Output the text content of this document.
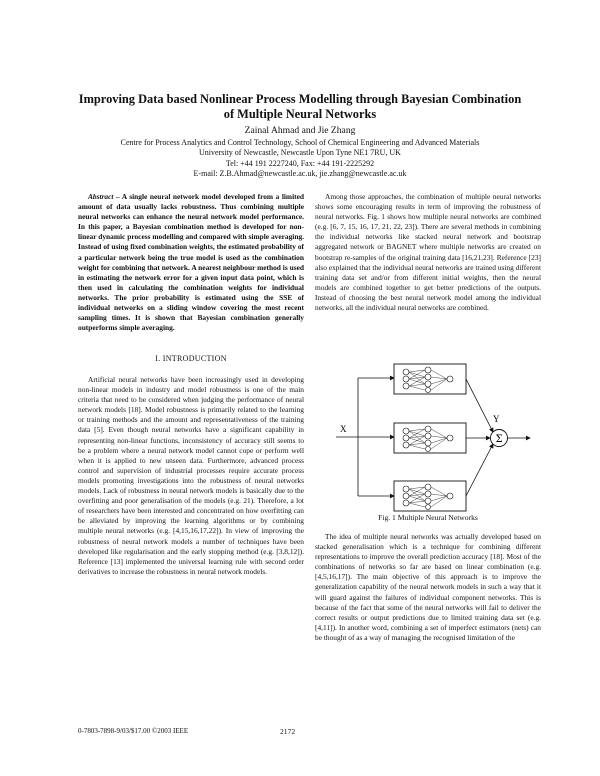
Improving Data based Nonlinear Process Modelling through Bayesian Combination
of Multiple Neural Networks
Zainal Ahmad and Jie Zhang
Centre for Process Analytics and Control Technology, School of Chemical Engineering and Advanced Materials
University of Newcastle, Newcastle Upon Tyne NE1 7RU, UK
Tel: +44 191 2227240, Fax: +44 191-2225292
E-mail: Z.B.Ahmad@newcastle.ac.uk, jie.zhang@newcastle.ac.uk

Abstract – A single neural network model developed from a limited amount of data usually lacks robustness. Thus combining multiple neural networks can enhance the neural network model performance. In this paper, a Bayesian combination method is developed for non-linear dynamic process modelling and compared with simple averaging. Instead of using fixed combination weights, the estimated probability of a particular network being the true model is used as the combination weight for combining that network. A nearest neighbour method is used in estimating the network error for a given input data point, which is then used in calculating the combination weights for individual networks. The prior probability is estimated using the SSE of individual networks on a sliding window covering the most recent sampling times. It is shown that Bayesian combination generally outperforms simple averaging.

I. INTRODUCTION

Artificial neural networks have been increasingly used in developing non-linear models in industry and model robustness is one of the main criteria that need to be considered when judging the performance of neural network models [18]. Model robustness is primarily related to the learning or training methods and the amount and representativeness of the training data [5]. Even though neural networks have a significant capability in representing non-linear functions, inconsistency of accuracy still seems to be a problem where a neural network model cannot cope or perform well when it is applied to new unseen data. Furthermore, advanced process control and supervision of industrial processes require accurate process models promoting investigations into the robustness of neural networks models. Lack of robustness in neural network models is basically due to the overfitting and poor generalisation of the models (e.g. 21). Therefore, a lot of researchers have been interested and concentrated on how overfitting can be alleviated by improving the learning algorithms or by combining multiple neural networks (e.g. [4,15,16,17,22]). In view of improving the robustness of neural network models a number of techniques have been developed like regularisation and the early stopping method (e.g. [3,8,12]). Reference [13] implemented the universal learning rule with second order derivatives to increase the robustness in neural network models.

Among those approaches, the combination of multiple neural networks shows some encouraging results in term of improving the robustness of neural networks. Fig. 1 shows how multiple neural networks are combined (e.g. [6, 7, 15, 16, 17, 21, 22, 23]). There are several methods in combining the individual networks like stacked neural network and bootstrap aggregated network or BAGNET where multiple networks are created on bootstrap re-samples of the original training data [16,21,23]. Reference [23] also explained that the individual neural networks are trained using different training data set and/or from different initial weights, then the neural models are combined together to get better predictions of the outputs. Instead of choosing the best neural network model among the individual networks, all the individual neural networks are combined.

X
Σ
Y
Fig. 1 Multiple Neural Networks

The idea of multiple neural networks was actually developed based on stacked generalisation which is a technique for combining different representations to improve the overall prediction accuracy [18]. Most of the combinations of networks so far are based on linear combination (e.g. [4,5,16,17]). The main objective of this approach is to improve the generalization capability of the neural network models in such a way that it will guard against the failures of individual component networks. This is because of the fact that some of the neural networks will fail to deliver the correct results or output predictions due to limited training data set (e.g. [4,11]). In another word, combining a set of imperfect estimators (nets) can be thought of as a way of managing the recognised limitation of the

0-7803-7898-9/03/$17.00 ©2003 IEEE	2172
